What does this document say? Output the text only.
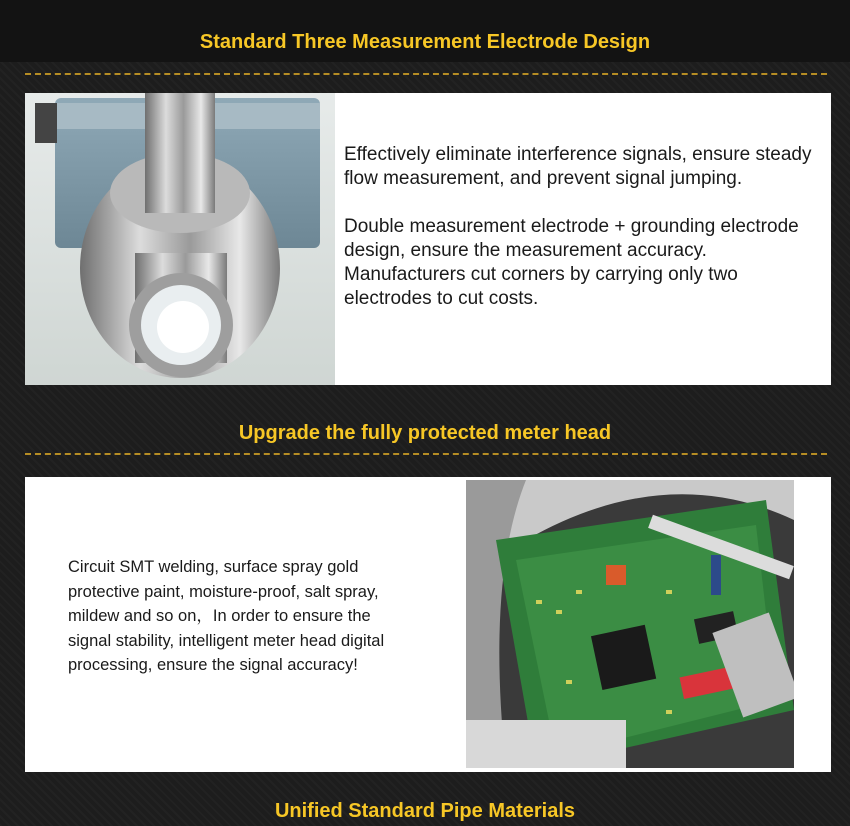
Standard Three Measurement Electrode Design

Effectively eliminate interference signals, ensure steady flow measurement, and prevent signal jumping.

Double measurement electrode + grounding electrode design, ensure the measurement accuracy. Manufacturers cut corners by carrying only two electrodes to cut costs.

Upgrade the fully protected meter head

Circuit SMT welding, surface spray gold protective paint, moisture-proof, salt spray, mildew and so on，In order to ensure the signal stability, intelligent meter head digital processing, ensure the signal accuracy!

Unified Standard Pipe Materials
